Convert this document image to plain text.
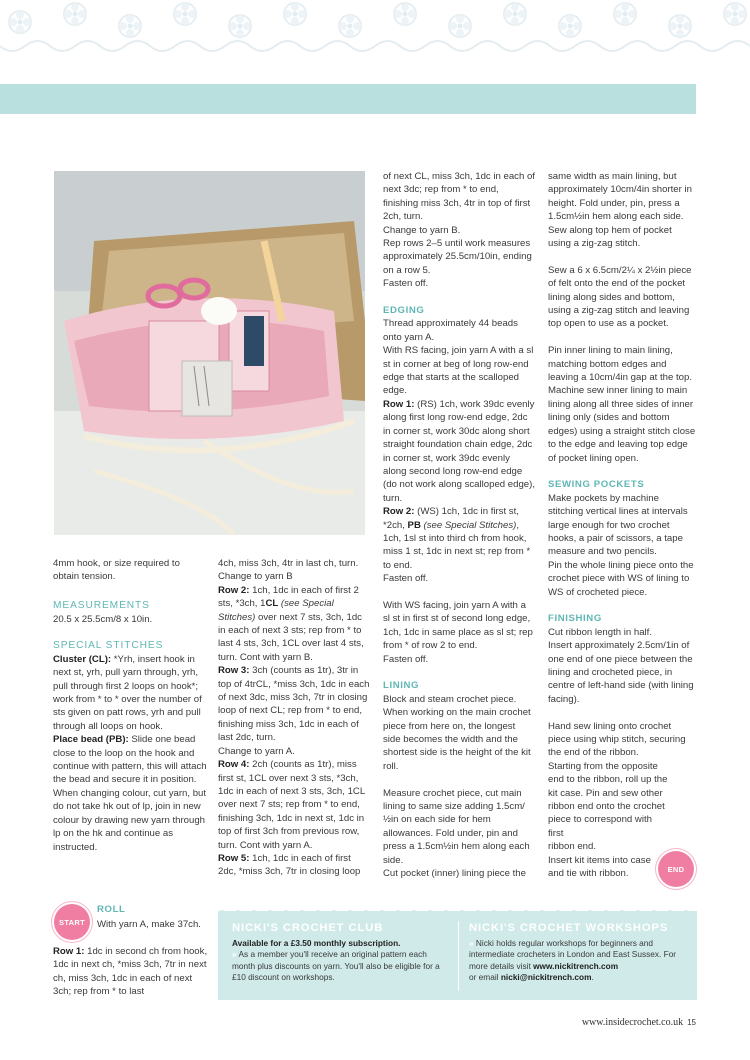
4mm hook, or size required to obtain tension.

MEASUREMENTS

20.5 x 25.5cm/8 x 10in.

SPECIAL STITCHES

Cluster (CL): *Yrh, insert hook in next st, yrh, pull yarn through, yrh, pull through first 2 loops on hook*; work from * to * over the number of sts given on patt rows, yrh and pull through all loops on hook.

Place bead (PB): Slide one bead close to the loop on the hook and continue with pattern, this will attach the bead and secure it in position.

When changing colour, cut yarn, but do not take hk out of lp, join in new colour by drawing new yarn through lp on the hk and continue as instructed.

START
ROLL
With yarn A, make 37ch.
Row 1: 1dc in second ch from hook, 1dc in next ch, *miss 3ch, 7tr in next ch, miss 3ch, 1dc in each of next 3ch; rep from * to last

4ch, miss 3ch, 4tr in last ch, turn.

Change to yarn B

Row 2: 1ch, 1dc in each of first 2 sts, *3ch, 1CL (see Special Stitches) over next 7 sts, 3ch, 1dc in each of next 3 sts; rep from * to last 4 sts, 3ch, 1CL over last 4 sts, turn. Cont with yarn B.

Row 3: 3ch (counts as 1tr), 3tr in top of 4trCL, *miss 3ch, 1dc in each of next 3dc, miss 3ch, 7tr in closing loop of next CL; rep from * to end, finishing miss 3ch, 1dc in each of last 2dc, turn.

Change to yarn A.

Row 4: 2ch (counts as 1tr), miss first st, 1CL over next 3 sts, *3ch, 1dc in each of next 3 sts, 3ch, 1CL over next 7 sts; rep from * to end, finishing 3ch, 1dc in next st, 1dc in top of first 3ch from previous row, turn. Cont with yarn A.

Row 5: 1ch, 1dc in each of first 2dc, *miss 3ch, 7tr in closing loop

of next CL, miss 3ch, 1dc in each of next 3dc; rep from * to end, finishing miss 3ch, 4tr in top of first 2ch, turn.

Change to yarn B.

Rep rows 2–5 until work measures approximately 25.5cm/10in, ending on a row 5.

Fasten off.

EDGING

Thread approximately 44 beads onto yarn A.

With RS facing, join yarn A with a sl st in corner at beg of long row-end edge that starts at the scalloped edge.

Row 1: (RS) 1ch, work 39dc evenly along first long row-end edge, 2dc in corner st, work 30dc along short straight foundation chain edge, 2dc in corner st, work 39dc evenly along second long row-end edge (do not work along scalloped edge), turn.

Row 2: (WS) 1ch, 1dc in first st, *2ch, PB (see Special Stitches), 1ch, 1sl st into third ch from hook, miss 1 st, 1dc in next st; rep from * to end.

Fasten off.

With WS facing, join yarn A with a sl st in first st of second long edge, 1ch, 1dc in same place as sl st; rep from * of row 2 to end.

Fasten off.

LINING

Block and steam crochet piece. When working on the main crochet piece from here on, the longest side becomes the width and the shortest side is the height of the kit roll.

Measure crochet piece, cut main lining to same size adding 1.5cm/½in on each side for hem allowances. Fold under, pin and press a 1.5cm½in hem along each side.

Cut pocket (inner) lining piece the

same width as main lining, but approximately 10cm/4in shorter in height. Fold under, pin, press a 1.5cm½in hem along each side. Sew along top hem of pocket using a zig-zag stitch.

Sew a 6 x 6.5cm/2¼ x 2½in piece of felt onto the end of the pocket lining along sides and bottom, using a zig-zag stitch and leaving top open to use as a pocket.

Pin inner lining to main lining, matching bottom edges and leaving a 10cm/4in gap at the top. Machine sew inner lining to main lining along all three sides of inner lining only (sides and bottom edges) using a straight stitch close to the edge and leaving top edge of pocket lining open.

SEWING POCKETS

Make pockets by machine stitching vertical lines at intervals large enough for two crochet hooks, a pair of scissors, a tape measure and two pencils.

Pin the whole lining piece onto the crochet piece with WS of lining to WS of crocheted piece.

FINISHING

Cut ribbon length in half.

Insert approximately 2.5cm/1in of one end of one piece between the lining and crocheted piece, in centre of left-hand side (with lining facing).

Hand sew lining onto crochet piece using whip stitch, securing the end of the ribbon.

Starting from the opposite end to the ribbon, roll up the kit case. Pin and sew other ribbon end onto the crochet piece to correspond with first

ribbon end.

Insert kit items into case

and tie with ribbon.	END
NICKI'S CROCHET CLUB
Available for a £3.50 monthly subscription.
» As a member you'll receive an original pattern each month plus discounts on yarn. You'll also be eligible for a £10 discount on workshops.
NICKI'S CROCHET WORKSHOPS
» Nicki holds regular workshops for beginners and intermediate crocheters in London and East Sussex. For more details visit www.nickitrench.com
or email nicki@nickitrench.com.
www.insidecrochet.co.uk 15
